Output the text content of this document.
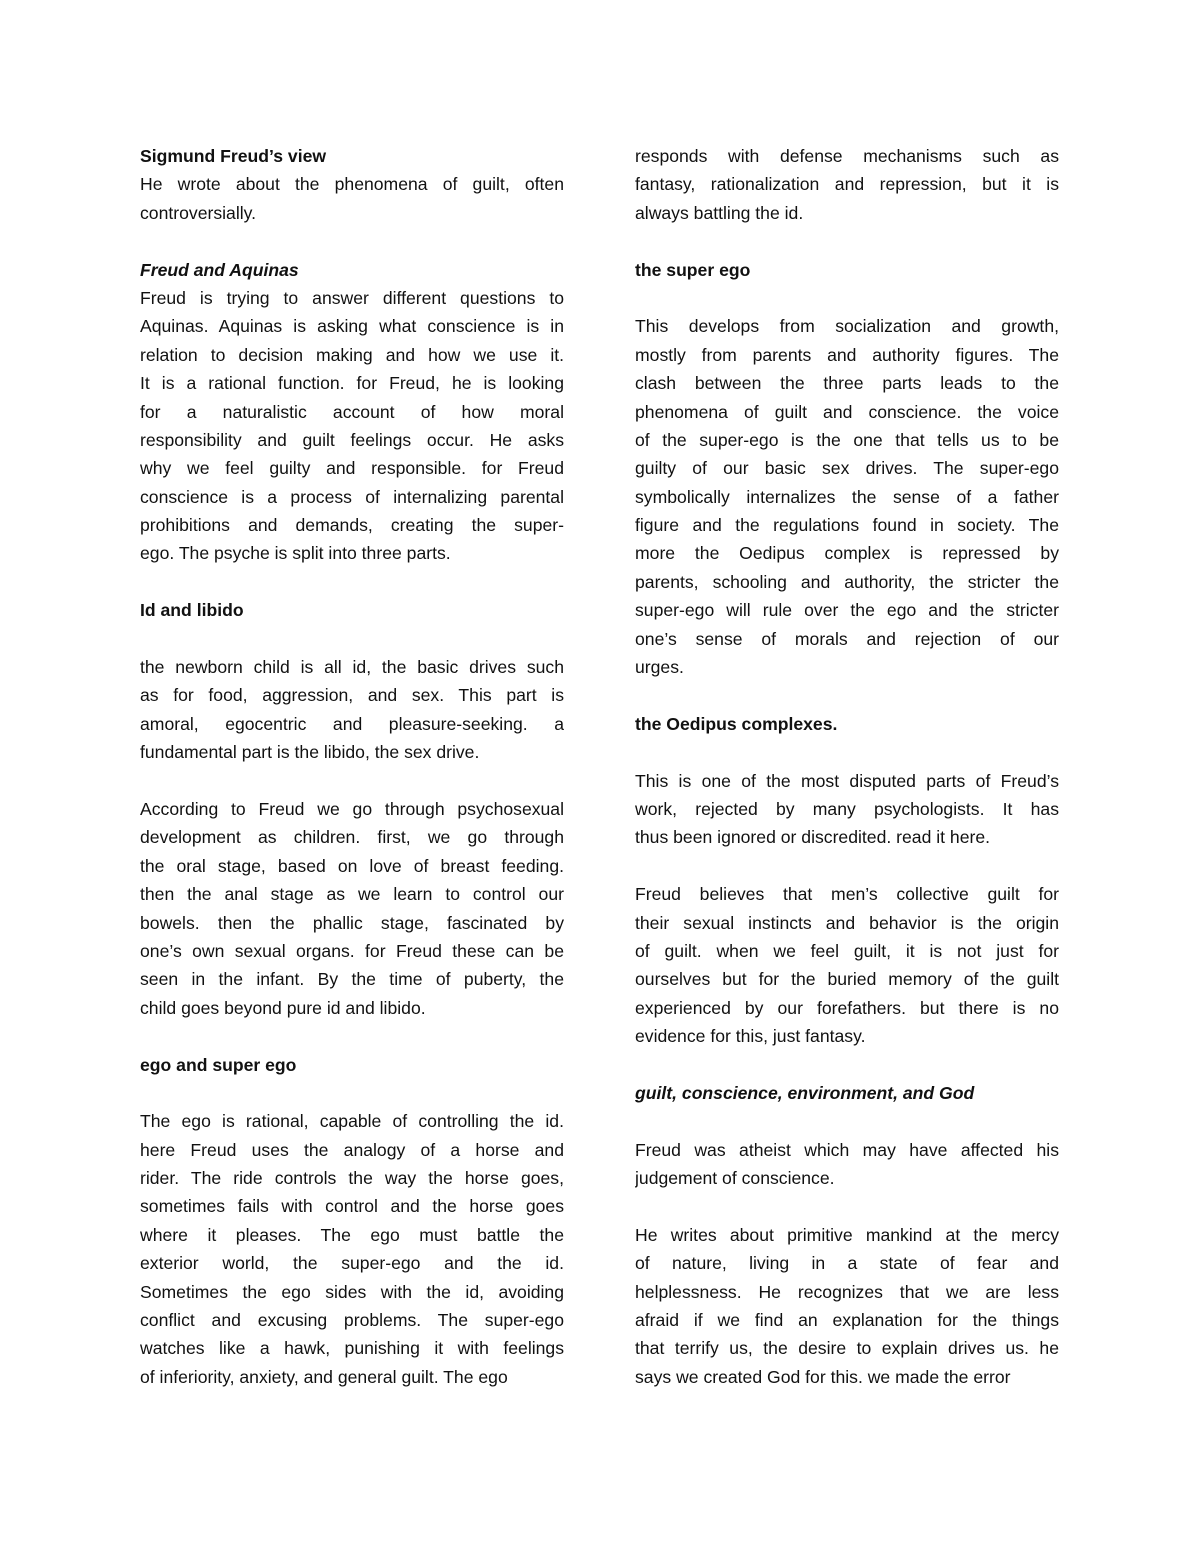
Sigmund Freud’s view
He wrote about the phenomena of guilt, often
controversially.
Freud and Aquinas
Freud is trying to answer different questions to
Aquinas. Aquinas is asking what conscience is in
relation to decision making and how we use it.
It is a rational function. for Freud, he is looking
for a naturalistic account of how moral
responsibility and guilt feelings occur. He asks
why we feel guilty and responsible. for Freud
conscience is a process of internalizing parental
prohibitions and demands, creating the super-
ego. The psyche is split into three parts.
Id and libido
the newborn child is all id, the basic drives such
as for food, aggression, and sex. This part is
amoral, egocentric and pleasure-seeking. a
fundamental part is the libido, the sex drive.
According to Freud we go through psychosexual
development as children. first, we go through
the oral stage, based on love of breast feeding.
then the anal stage as we learn to control our
bowels. then the phallic stage, fascinated by
one’s own sexual organs. for Freud these can be
seen in the infant. By the time of puberty, the
child goes beyond pure id and libido.
ego and super ego
The ego is rational, capable of controlling the id.
here Freud uses the analogy of a horse and
rider. The ride controls the way the horse goes,
sometimes fails with control and the horse goes
where it pleases. The ego must battle the
exterior world, the super-ego and the id.
Sometimes the ego sides with the id, avoiding
conflict and excusing problems. The super-ego
watches like a hawk, punishing it with feelings
of inferiority, anxiety, and general guilt. The ego
responds with defense mechanisms such as
fantasy, rationalization and repression, but it is
always battling the id.
the super ego
This develops from socialization and growth,
mostly from parents and authority figures. The
clash between the three parts leads to the
phenomena of guilt and conscience. the voice
of the super-ego is the one that tells us to be
guilty of our basic sex drives. The super-ego
symbolically internalizes the sense of a father
figure and the regulations found in society. The
more the Oedipus complex is repressed by
parents, schooling and authority, the stricter the
super-ego will rule over the ego and the stricter
one’s sense of morals and rejection of our
urges.
the Oedipus complexes.
This is one of the most disputed parts of Freud’s
work, rejected by many psychologists. It has
thus been ignored or discredited. read it here.
Freud believes that men’s collective guilt for
their sexual instincts and behavior is the origin
of guilt. when we feel guilt, it is not just for
ourselves but for the buried memory of the guilt
experienced by our forefathers. but there is no
evidence for this, just fantasy.
guilt, conscience, environment, and God
Freud was atheist which may have affected his
judgement of conscience.
He writes about primitive mankind at the mercy
of nature, living in a state of fear and
helplessness. He recognizes that we are less
afraid if we find an explanation for the things
that terrify us, the desire to explain drives us. he
says we created God for this. we made the error
